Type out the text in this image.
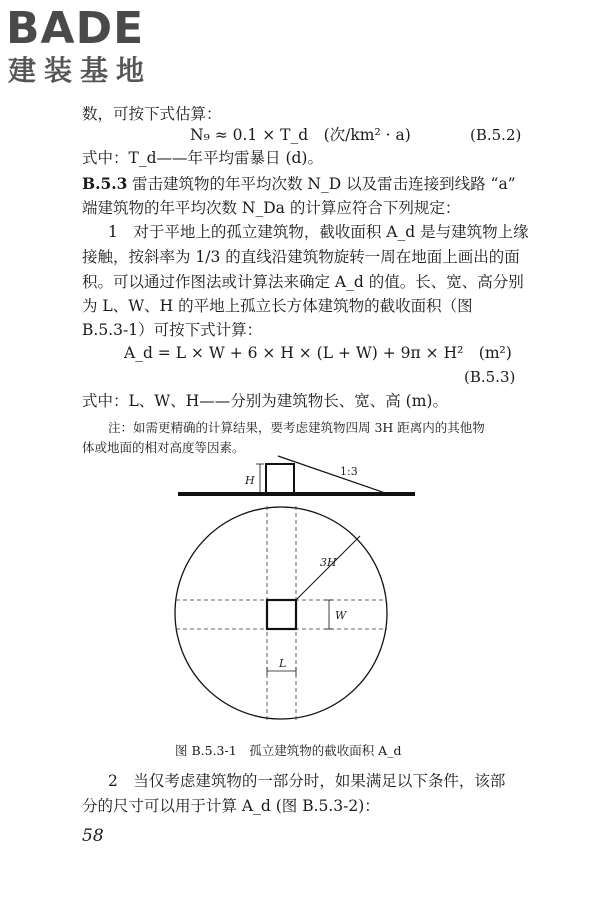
BADE
建装基地
数，可按下式估算：
N₉ ≈ 0.1 × T_d　(次/km² · a)	(B.5.2)
式中：T_d——年平均雷暴日 (d)。
B.5.3 雷击建筑物的年平均次数 N_D 以及雷击连接到线路 “a”
端建筑物的年平均次数 N_Da 的计算应符合下列规定：
1　对于平地上的孤立建筑物，截收面积 A_d 是与建筑物上缘
接触，按斜率为 1/3 的直线沿建筑物旋转一周在地面上画出的面
积。可以通过作图法或计算法来确定 A_d 的值。长、宽、高分别
为 L、W、H 的平地上孤立长方体建筑物的截收面积（图
B.5.3-1）可按下式计算：
A_d = L × W + 6 × H × (L + W) + 9π × H²　(m²)
(B.5.3)
式中：L、W、H——分别为建筑物长、宽、高 (m)。
注：如需更精确的计算结果，要考虑建筑物四周 3H 距离内的其他物
体或地面的相对高度等因素。
H
1:3
3H
W
L
图 B.5.3-1　孤立建筑物的截收面积 A_d
2　当仅考虑建筑物的一部分时，如果满足以下条件，该部
分的尺寸可以用于计算 A_d (图 B.5.3-2)：
58
